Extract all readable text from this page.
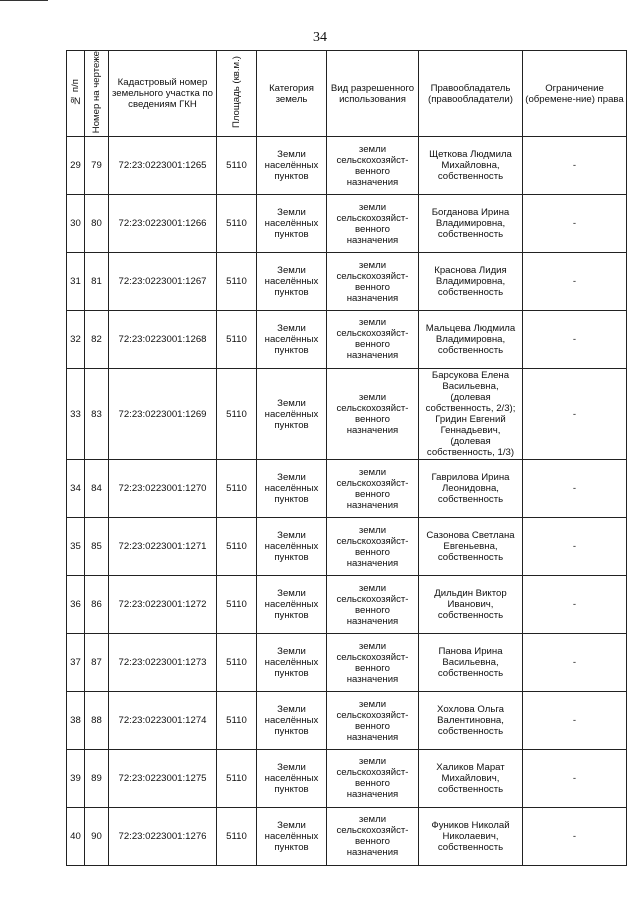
34
№ п/п	Номер на чертеже	Кадастровый номер земельного участка по сведениям ГКН	Площадь (кв.м.)	Категория земель	Вид разрешенного использования	Правообладатель (правообладатели)	Ограничение (обремене-ние) права
29	79	72:23:0223001:1265	5110	Земли населённых пунктов	земли сельскохозяйст-венного назначения	Щеткова Людмила Михайловна, собственность	-
30	80	72:23:0223001:1266	5110	Земли населённых пунктов	земли сельскохозяйст-венного назначения	Богданова Ирина Владимировна, собственность	-
31	81	72:23:0223001:1267	5110	Земли населённых пунктов	земли сельскохозяйст-венного назначения	Краснова Лидия Владимировна, собственность	-
32	82	72:23:0223001:1268	5110	Земли населённых пунктов	земли сельскохозяйст-венного назначения	Мальцева Людмила Владимировна, собственность	-
33	83	72:23:0223001:1269	5110	Земли населённых пунктов	земли сельскохозяйст-венного назначения	Барсукова Елена Васильевна, (долевая собственность, 2/3); Гридин Евгений Геннадьевич, (долевая собственность, 1/3)	-
34	84	72:23:0223001:1270	5110	Земли населённых пунктов	земли сельскохозяйст-венного назначения	Гаврилова Ирина Леонидовна, собственность	-
35	85	72:23:0223001:1271	5110	Земли населённых пунктов	земли сельскохозяйст-венного назначения	Сазонова Светлана Евгеньевна, собственность	-
36	86	72:23:0223001:1272	5110	Земли населённых пунктов	земли сельскохозяйст-венного назначения	Дильдин Виктор Иванович, собственность	-
37	87	72:23:0223001:1273	5110	Земли населённых пунктов	земли сельскохозяйст-венного назначения	Панова Ирина Васильевна, собственность	-
38	88	72:23:0223001:1274	5110	Земли населённых пунктов	земли сельскохозяйст-венного назначения	Хохлова Ольга Валентиновна, собственность	-
39	89	72:23:0223001:1275	5110	Земли населённых пунктов	земли сельскохозяйст-венного назначения	Халиков Марат Михайлович, собственность	-
40	90	72:23:0223001:1276	5110	Земли населённых пунктов	земли сельскохозяйст-венного назначения	Фуников Николай Николаевич, собственность	-
